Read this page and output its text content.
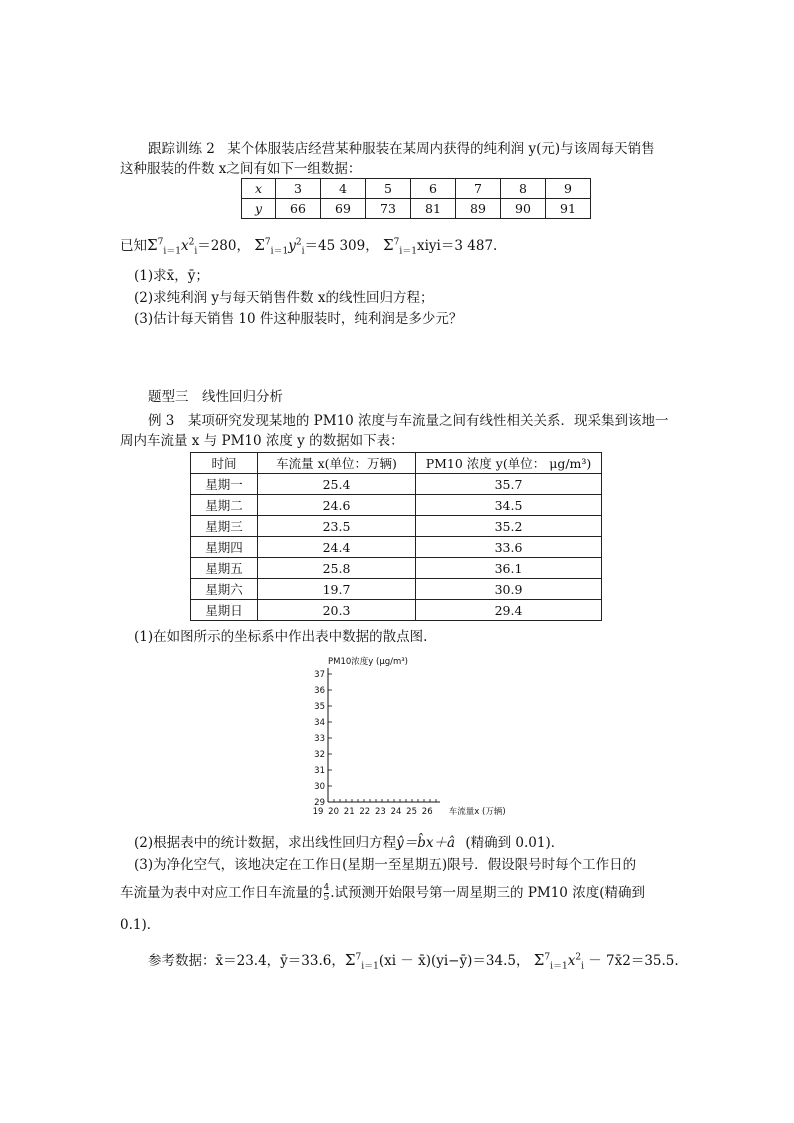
跟踪训练 2 某个体服装店经营某种服装在某周内获得的纯利润 y(元)与该周每天销售
这种服装的件数 x之间有如下一组数据：
x	3	4	5	6	7	8	9
y	66	69	73	81	89	90	91
已知$\Sigma^7_{i=1}x^2_i=280$， $\Sigma^7_{i=1}y^2_i=45$ 309， $\Sigma^7_{i=1}xiyi=3$ 487.
(1)求x̄，ȳ；
(2)求纯利润 y与每天销售件数 x的线性回归方程；
(3)估计每天销售 10 件这种服装时，纯利润是多少元？
题型三　线性回归分析
例 3　某项研究发现某地的 PM10 浓度与车流量之间有线性相关关系．现采集到该地一
周内车流量 x 与 PM10 浓度 y 的数据如下表：
时间	车流量 x(单位：万辆)	PM10 浓度 y(单位： μg/m³)
星期一	25.4	35.7
星期二	24.6	34.5
星期三	23.5	35.2
星期四	24.4	33.6
星期五	25.8	36.1
星期六	19.7	30.9
星期日	20.3	29.4
(1)在如图所示的坐标系中作出表中数据的散点图.
29
30
31
32
33
34
35
36
37
19 20 21 22 23 24 25 26
PM10浓度y (μg/m³)
车流量x (万辆)
(2)根据表中的统计数据，求出线性回归方程ŷ＝b̂x＋â (精确到 0.01)．
(3)为净化空气，该地决定在工作日(星期一至星期五)限号．假设限号时每个工作日的
车流量为表中对应工作日车流量的 $\frac{4}{5}$ .试预测开始限号第一周星期三的 PM10 浓度(精确到
0.1)．
参考数据：x̄＝23.4，ȳ＝33.6，$\Sigma^7_{i=1}(xi$ － x̄)(yi−ȳ)＝34.5， $\Sigma^7_{i=1}x^2_i$ － 7x̄2＝35.5.
